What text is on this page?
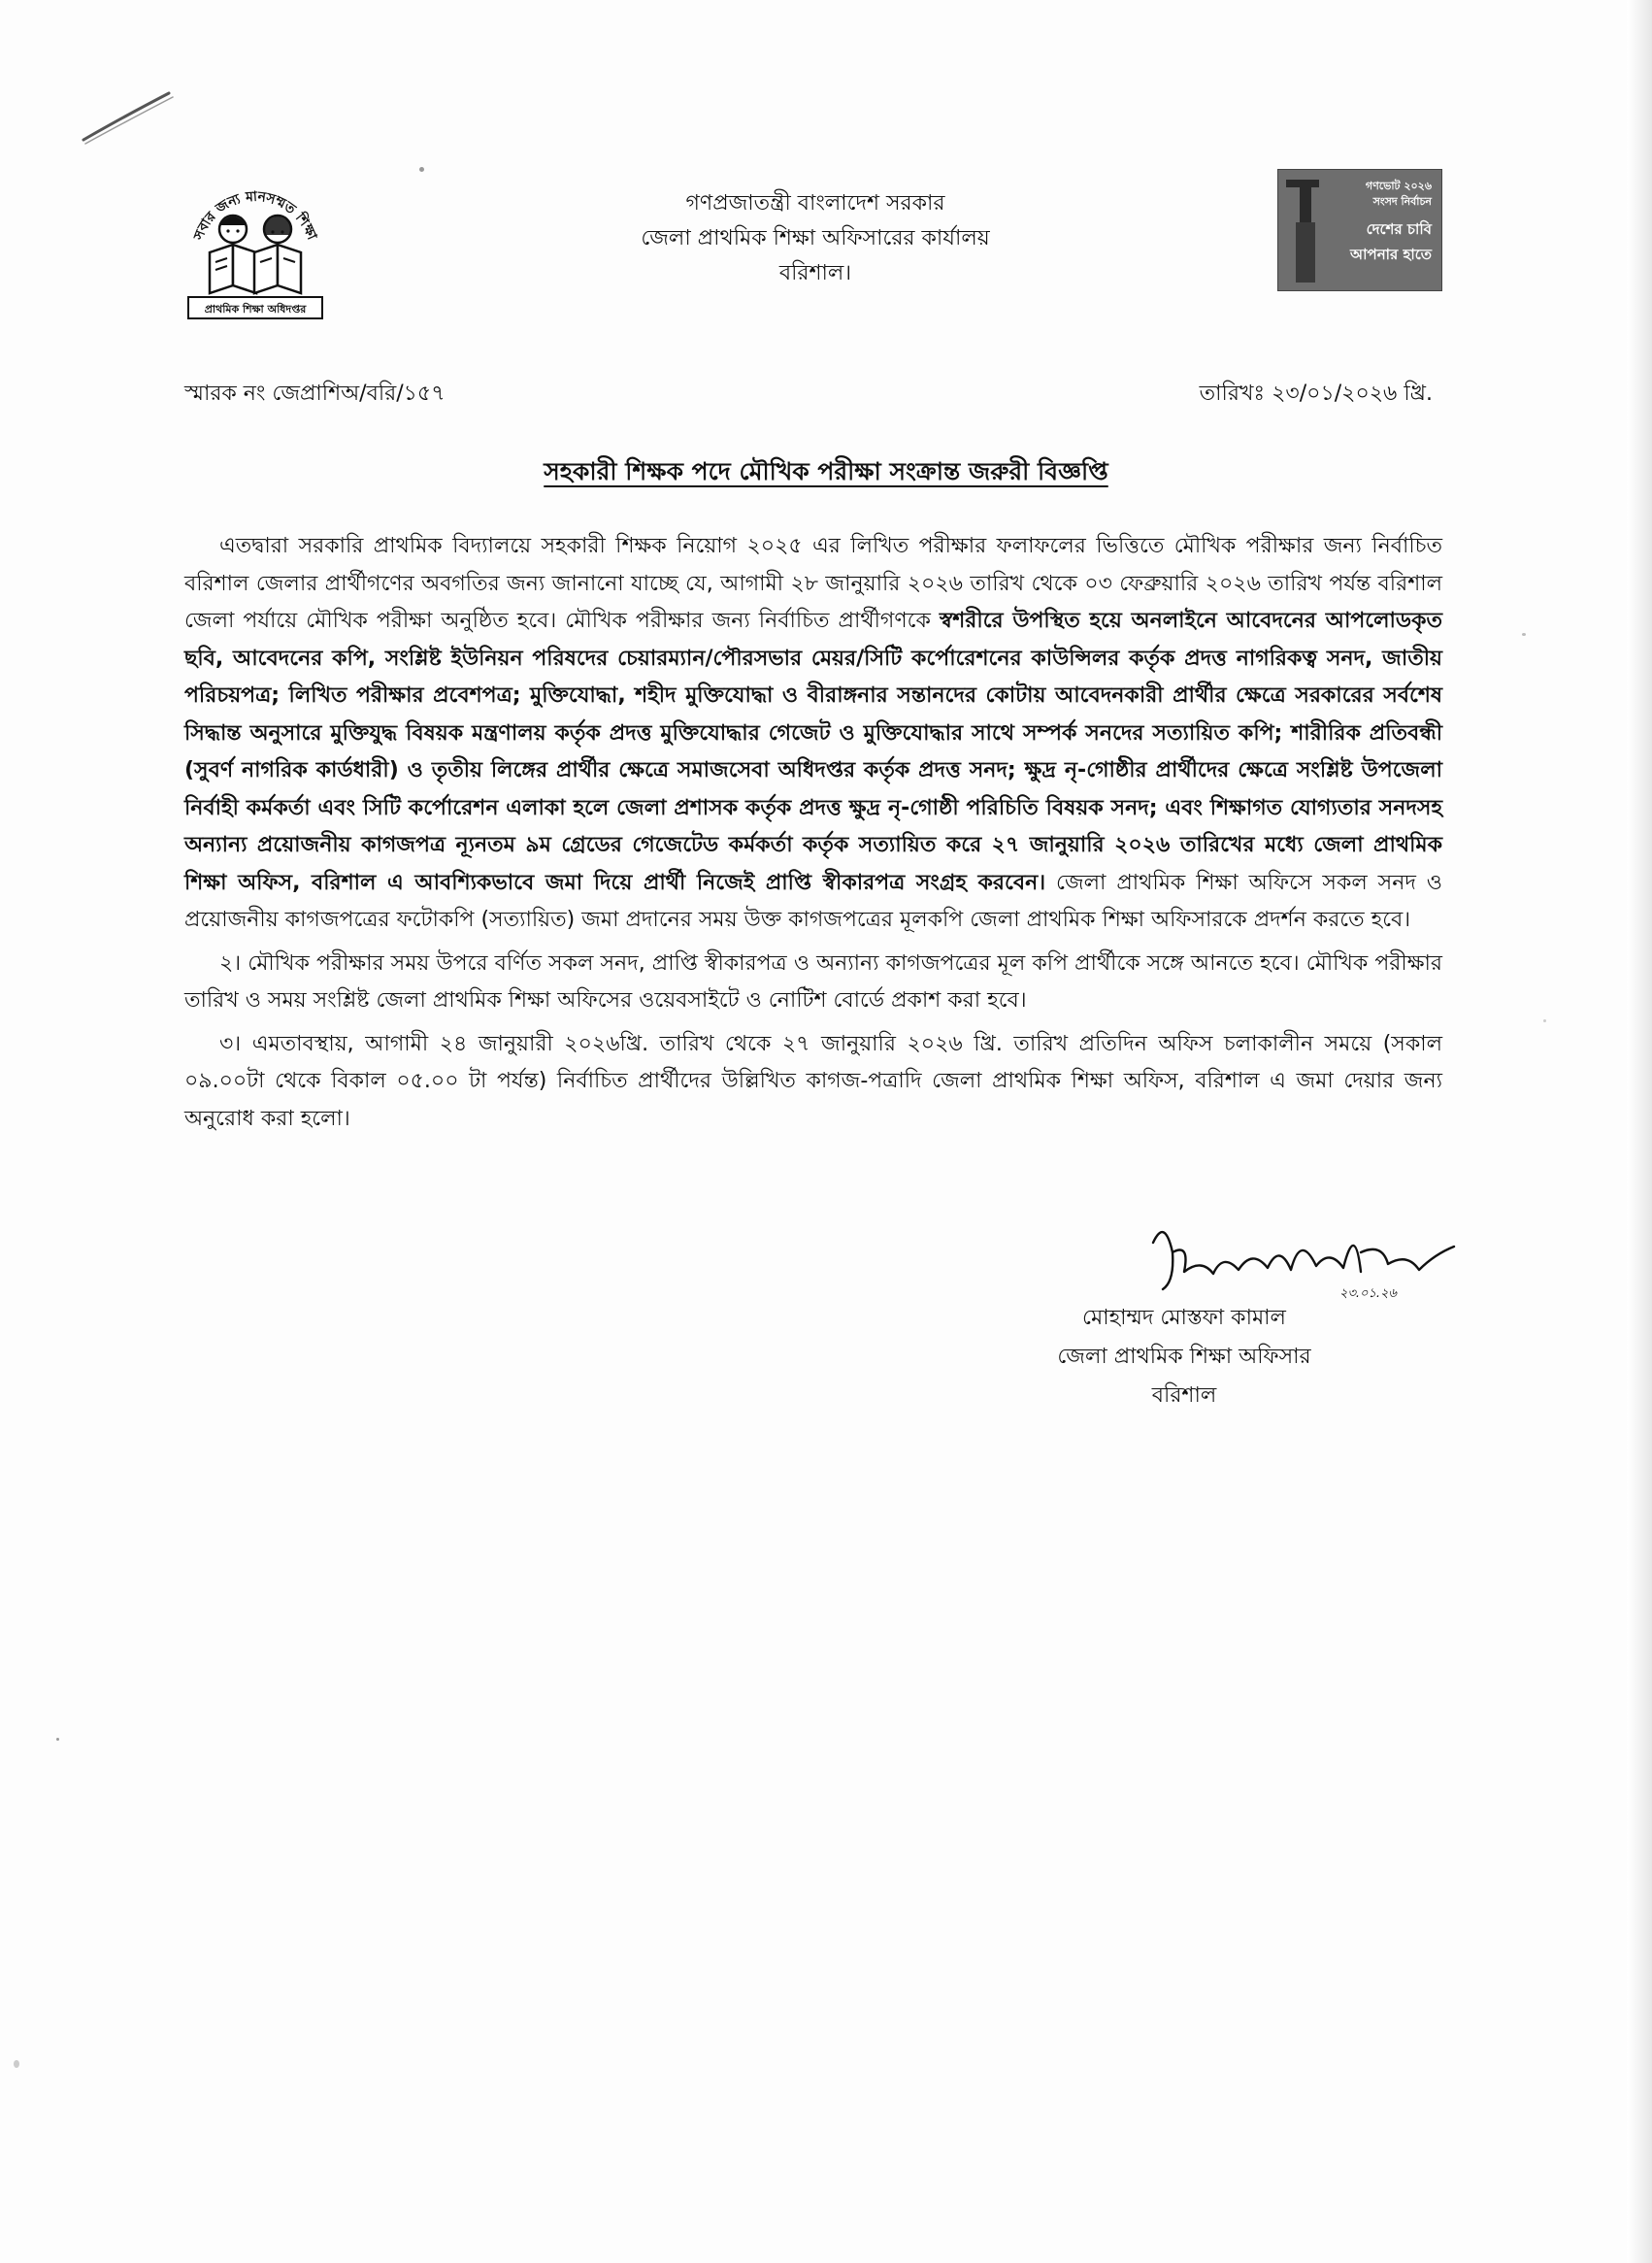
সবার জন্য মানসম্মত শিক্ষা
প্রাথমিক শিক্ষা অধিদপ্তর
গণভোট ২০২৬
সংসদ নির্বাচন
দেশের চাবি
আপনার হাতে
গণপ্রজাতন্ত্রী বাংলাদেশ সরকার
জেলা প্রাথমিক শিক্ষা অফিসারের কার্যালয়
বরিশাল।
স্মারক নং জেপ্রাশিঅ/বরি/১৫৭	তারিখঃ ২৩/০১/২০২৬ খ্রি.
সহকারী শিক্ষক পদে মৌখিক পরীক্ষা সংক্রান্ত জরুরী বিজ্ঞপ্তি

এতদ্বারা সরকারি প্রাথমিক বিদ্যালয়ে সহকারী শিক্ষক নিয়োগ ২০২৫ এর লিখিত পরীক্ষার ফলাফলের ভিত্তিতে মৌখিক পরীক্ষার জন্য নির্বাচিত বরিশাল জেলার প্রার্থীগণের অবগতির জন্য জানানো যাচ্ছে যে, আগামী ২৮ জানুয়ারি ২০২৬ তারিখ থেকে ০৩ ফেব্রুয়ারি ২০২৬ তারিখ পর্যন্ত বরিশাল জেলা পর্যায়ে মৌখিক পরীক্ষা অনুষ্ঠিত হবে। মৌখিক পরীক্ষার জন্য নির্বাচিত প্রার্থীগণকে স্বশরীরে উপস্থিত হয়ে অনলাইনে আবেদনের আপলোডকৃত ছবি, আবেদনের কপি, সংশ্লিষ্ট ইউনিয়ন পরিষদের চেয়ারম্যান/পৌরসভার মেয়র/সিটি কর্পোরেশনের কাউন্সিলর কর্তৃক প্রদত্ত নাগরিকত্ব সনদ, জাতীয় পরিচয়পত্র; লিখিত পরীক্ষার প্রবেশপত্র; মুক্তিযোদ্ধা, শহীদ মুক্তিযোদ্ধা ও বীরাঙ্গনার সন্তানদের কোটায় আবেদনকারী প্রার্থীর ক্ষেত্রে সরকারের সর্বশেষ সিদ্ধান্ত অনুসারে মুক্তিযুদ্ধ বিষয়ক মন্ত্রণালয় কর্তৃক প্রদত্ত মুক্তিযোদ্ধার গেজেট ও মুক্তিযোদ্ধার সাথে সম্পর্ক সনদের সত্যায়িত কপি; শারীরিক প্রতিবন্ধী (সুবর্ণ নাগরিক কার্ডধারী) ও তৃতীয় লিঙ্গের প্রার্থীর ক্ষেত্রে সমাজসেবা অধিদপ্তর কর্তৃক প্রদত্ত সনদ; ক্ষুদ্র নৃ-গোষ্ঠীর প্রার্থীদের ক্ষেত্রে সংশ্লিষ্ট উপজেলা নির্বাহী কর্মকর্তা এবং সিটি কর্পোরেশন এলাকা হলে জেলা প্রশাসক কর্তৃক প্রদত্ত ক্ষুদ্র নৃ-গোষ্ঠী পরিচিতি বিষয়ক সনদ; এবং শিক্ষাগত যোগ্যতার সনদসহ অন্যান্য প্রয়োজনীয় কাগজপত্র ন্যূনতম ৯ম গ্রেডের গেজেটেড কর্মকর্তা কর্তৃক সত্যায়িত করে ২৭ জানুয়ারি ২০২৬ তারিখের মধ্যে জেলা প্রাথমিক শিক্ষা অফিস, বরিশাল এ আবশ্যিকভাবে জমা দিয়ে প্রার্থী নিজেই প্রাপ্তি স্বীকারপত্র সংগ্রহ করবেন। জেলা প্রাথমিক শিক্ষা অফিসে সকল সনদ ও প্রয়োজনীয় কাগজপত্রের ফটোকপি (সত্যায়িত) জমা প্রদানের সময় উক্ত কাগজপত্রের মূলকপি জেলা প্রাথমিক শিক্ষা অফিসারকে প্রদর্শন করতে হবে।

২। মৌখিক পরীক্ষার সময় উপরে বর্ণিত সকল সনদ, প্রাপ্তি স্বীকারপত্র ও অন্যান্য কাগজপত্রের মূল কপি প্রার্থীকে সঙ্গে আনতে হবে। মৌখিক পরীক্ষার তারিখ ও সময় সংশ্লিষ্ট জেলা প্রাথমিক শিক্ষা অফিসের ওয়েবসাইটে ও নোটিশ বোর্ডে প্রকাশ করা হবে।

৩। এমতাবস্থায়, আগামী ২৪ জানুয়ারী ২০২৬খ্রি. তারিখ থেকে ২৭ জানুয়ারি ২০২৬ খ্রি. তারিখ প্রতিদিন অফিস চলাকালীন সময়ে (সকাল ০৯.০০টা থেকে বিকাল ০৫.০০ টা পর্যন্ত) নির্বাচিত প্রার্থীদের উল্লিখিত কাগজ-পত্রাদি জেলা প্রাথমিক শিক্ষা অফিস, বরিশাল এ জমা দেয়ার জন্য অনুরোধ করা হলো।

২৩.০১.২৬
মোহাম্মদ মোস্তফা কামাল
জেলা প্রাথমিক শিক্ষা অফিসার
বরিশাল
